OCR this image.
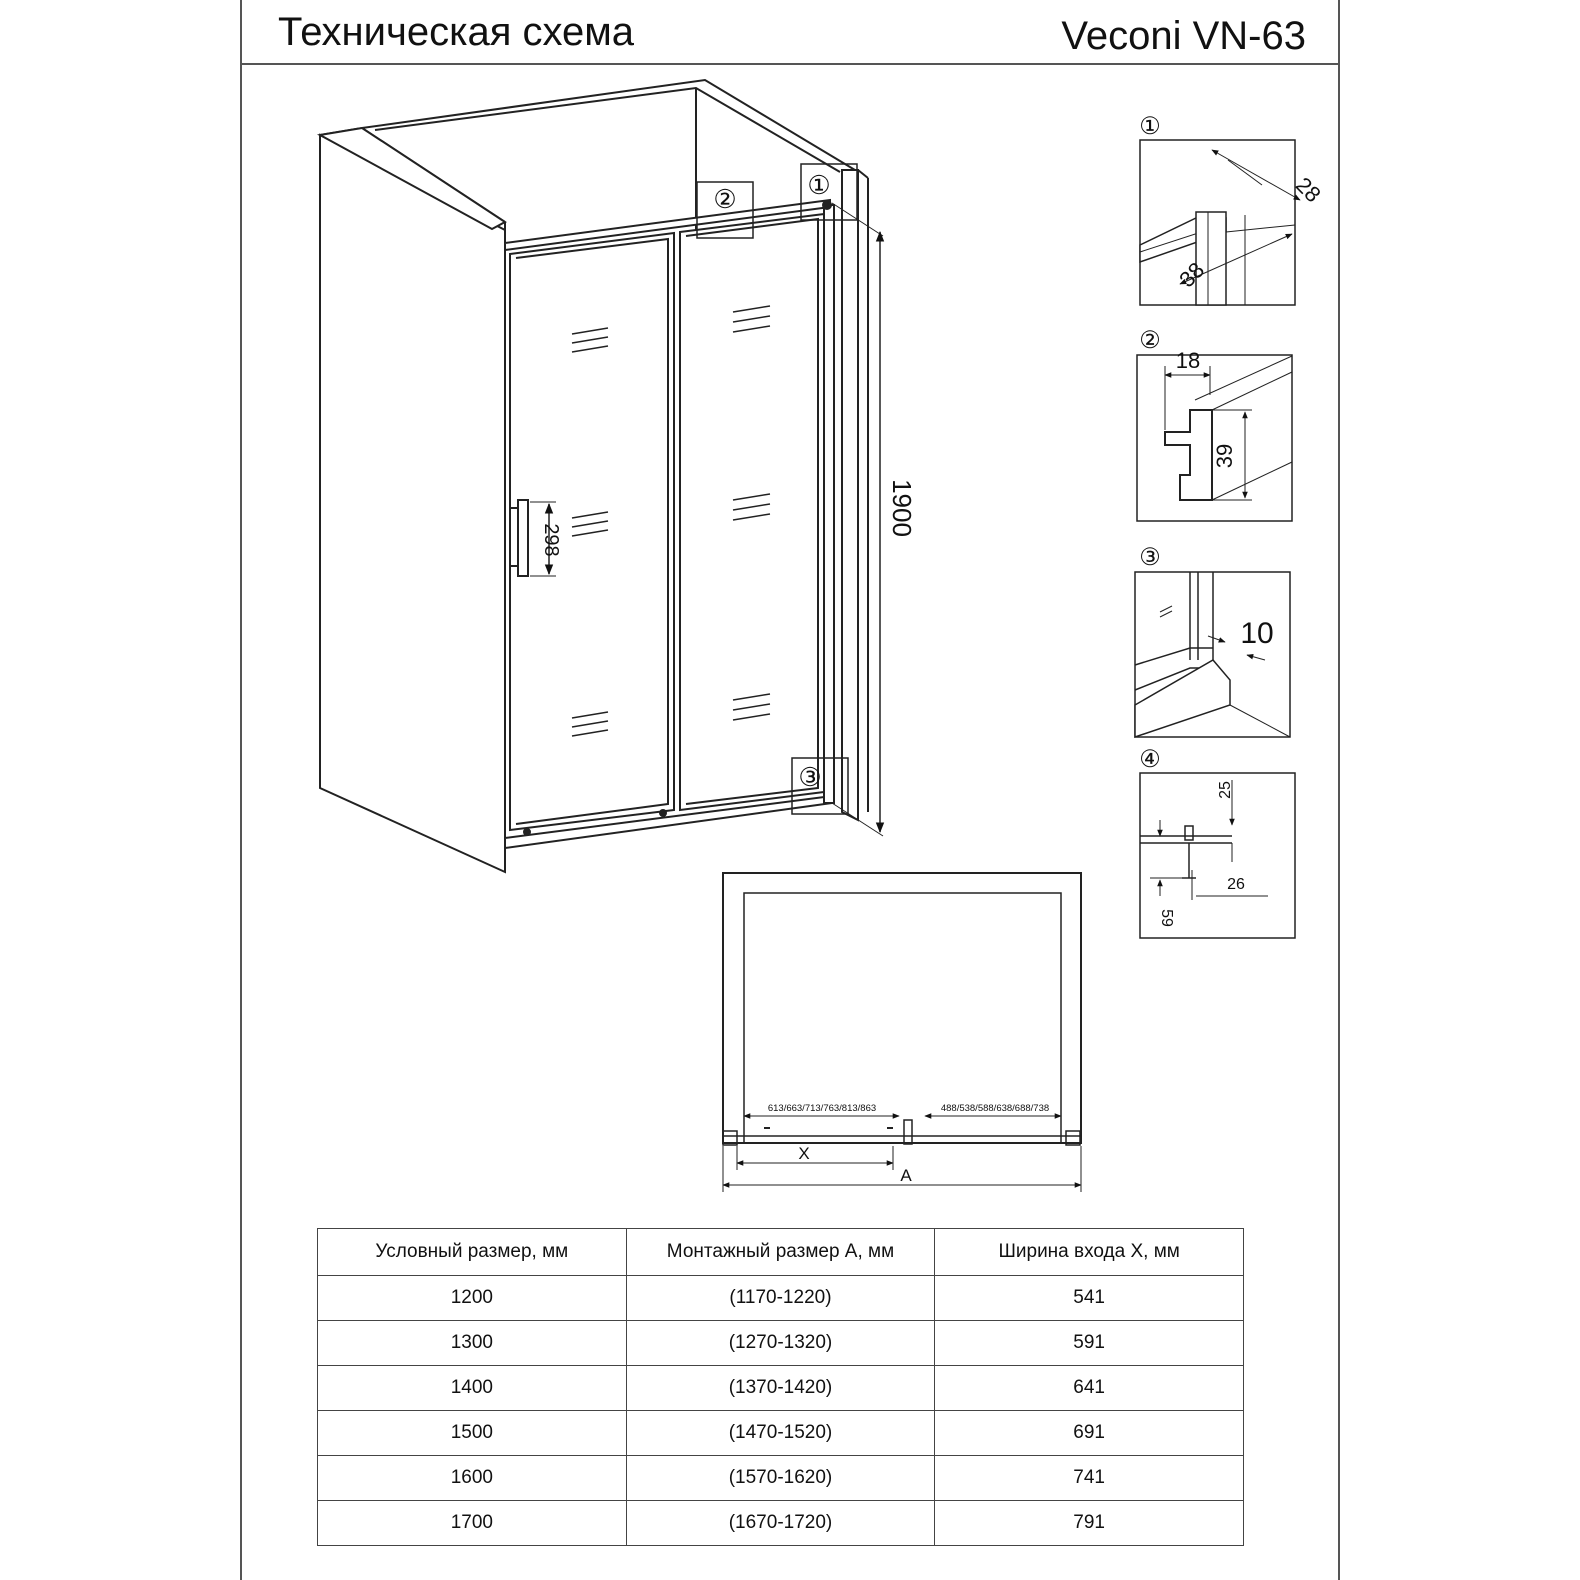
Техническая схема	Veconi VN-63
①
②
③
1900
298
613/663/713/763/813/863	488/538/588/638/688/738
X
A
①
28
38
②
18
39
③
10
④
25
26
59
Условный размер, мм	Монтажный размер A, мм	Ширина входа X, мм
1200	(1170-1220)	541
1300	(1270-1320)	591
1400	(1370-1420)	641
1500	(1470-1520)	691
1600	(1570-1620)	741
1700	(1670-1720)	791
